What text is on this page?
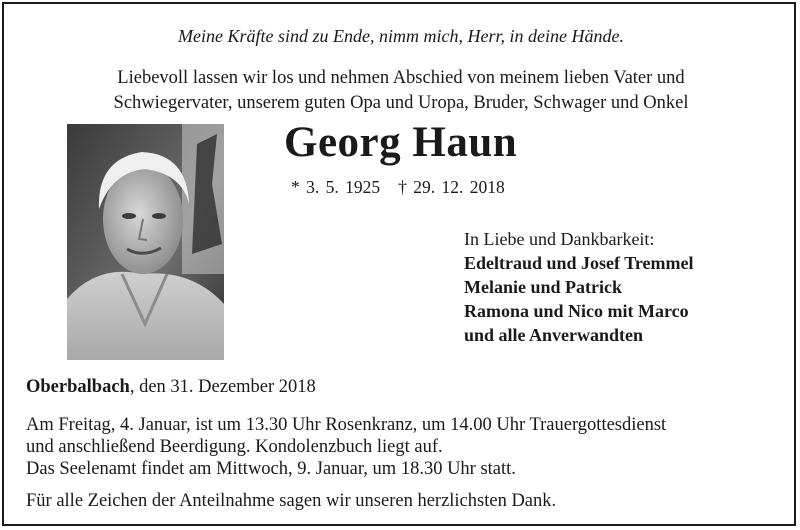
Meine Kräfte sind zu Ende, nimm mich, Herr, in deine Hände.
Liebevoll lassen wir los und nehmen Abschied von meinem lieben Vater und
Schwiegervater, unserem guten Opa und Uropa, Bruder, Schwager und Onkel
Georg Haun
* 3. 5. 1925 † 29. 12. 2018
In Liebe und Dankbarkeit:
Edeltraud und Josef Tremmel
Melanie und Patrick
Ramona und Nico mit Marco
und alle Anverwandten
Oberbalbach, den 31. Dezember 2018
Am Freitag, 4. Januar, ist um 13.30 Uhr Rosenkranz, um 14.00 Uhr Trauergottesdienst
und anschließend Beerdigung. Kondolenzbuch liegt auf.
Das Seelenamt findet am Mittwoch, 9. Januar, um 18.30 Uhr statt.
Für alle Zeichen der Anteilnahme sagen wir unseren herzlichsten Dank.
